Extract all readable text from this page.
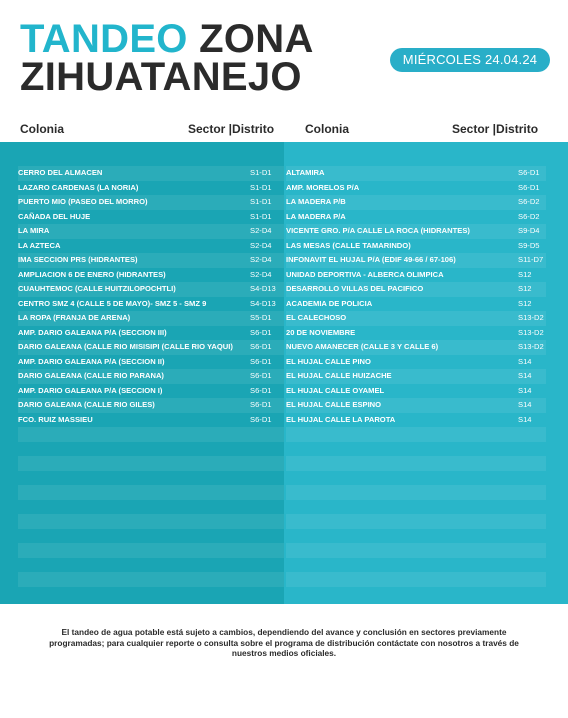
TANDEO ZONA
ZIHUATANEJO	MIÉRCOLES 24.04.24
Colonia	Sector |Distrito	Colonia	Sector |Distrito
CERRO DEL ALMACEN	S1-D1
LAZARO CARDENAS (LA NORIA)	S1-D1
PUERTO MIO (PASEO DEL MORRO)	S1-D1
CAÑADA DEL HUJE	S1-D1
LA MIRA	S2-D4
LA AZTECA	S2-D4
IMA SECCION PRS (HIDRANTES)	S2-D4
AMPLIACION 6 DE ENERO (HIDRANTES)	S2-D4
CUAUHTEMOC (CALLE HUITZILOPOCHTLI)	S4-D13
CENTRO SMZ 4 (CALLE 5 DE MAYO)- SMZ 5 - SMZ 9	S4-D13
LA ROPA (FRANJA DE ARENA)	S5-D1
AMP. DARIO GALEANA P/A (SECCION III)	S6-D1
DARIO GALEANA (CALLE RIO MISISIPI (CALLE RIO YAQUI) S6-D1
AMP. DARIO GALEANA P/A (SECCION II)	S6-D1
DARIO GALEANA (CALLE RIO PARANA)	S6-D1
AMP. DARIO GALEANA P/A (SECCION I)	S6-D1
DARIO GALEANA (CALLE RIO GILES)	S6-D1
FCO. RUIZ MASSIEU	S6-D1
ALTAMIRA	S6-D1
AMP. MORELOS P/A	S6-D1
LA MADERA P/B	S6-D2
LA MADERA P/A	S6-D2
VICENTE GRO. P/A CALLE LA ROCA (HIDRANTES)	S9-D4
LAS MESAS (CALLE TAMARINDO)	S9-D5
INFONAVIT EL HUJAL P/A (EDIF 49-66 / 67-106)	S11-D7
UNIDAD DEPORTIVA - ALBERCA OLIMPICA	S12
DESARROLLO VILLAS DEL PACIFICO	S12
ACADEMIA DE POLICIA	S12
EL CALECHOSO	S13-D2
20 DE NOVIEMBRE	S13-D2
NUEVO AMANECER (CALLE 3 Y CALLE 6)	S13-D2
EL HUJAL CALLE PINO	S14
EL HUJAL CALLE HUIZACHE	S14
EL HUJAL CALLE OYAMEL	S14
EL HUJAL CALLE ESPINO	S14
EL HUJAL CALLE LA PAROTA	S14
El tandeo de agua potable está sujeto a cambios, dependiendo del avance y conclusión en sectores previamente programadas; para cualquier reporte o consulta sobre el programa de distribución contáctate con nosotros a través de nuestros medios oficiales.
